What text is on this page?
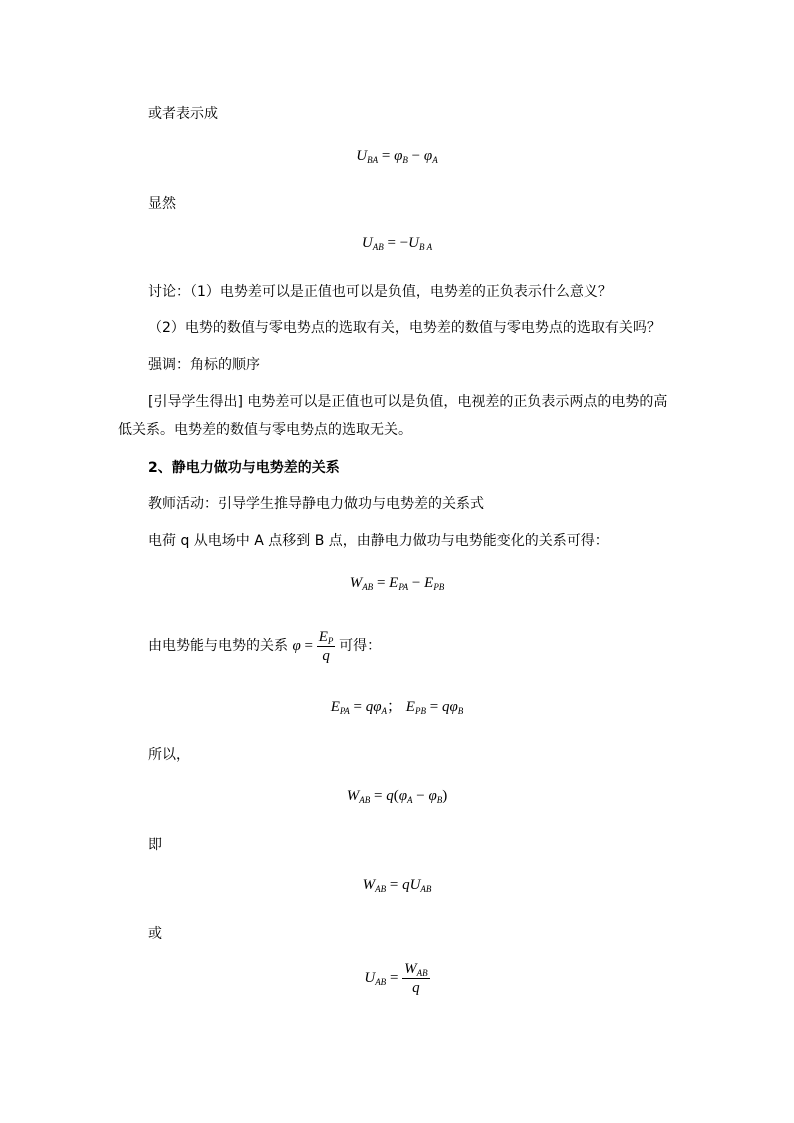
或者表示成
$U_{BA} = \varphi_B - \varphi_A$
显然
$U_{AB} = -U_{B A}$
讨论：（1）电势差可以是正值也可以是负值，电势差的正负表示什么意义？
（2）电势的数值与零电势点的选取有关，电势差的数值与零电势点的选取有关吗？
强调：角标的顺序
[引导学生得出] 电势差可以是正值也可以是负值，电视差的正负表示两点的电势的高低关系。电势差的数值与零电势点的选取无关。
2、静电力做功与电势差的关系
教师活动：引导学生推导静电力做功与电势差的关系式
电荷 q 从电场中 A 点移到 B 点，由静电力做功与电势能变化的关系可得：
$W_{AB} = E_{PA} - E_{PB}$
由电势能与电势的关系 $\varphi = \frac{E_P}{q}$ 可得：
$E_{PA} = q\varphi_A$； $E_{PB} = q\varphi_B$
所以，
$W_{AB} = q(\varphi_A - \varphi_B)$
即
$W_{AB} = qU_{AB}$
或
$U_{AB} = \frac{W_{AB}}{q}$
